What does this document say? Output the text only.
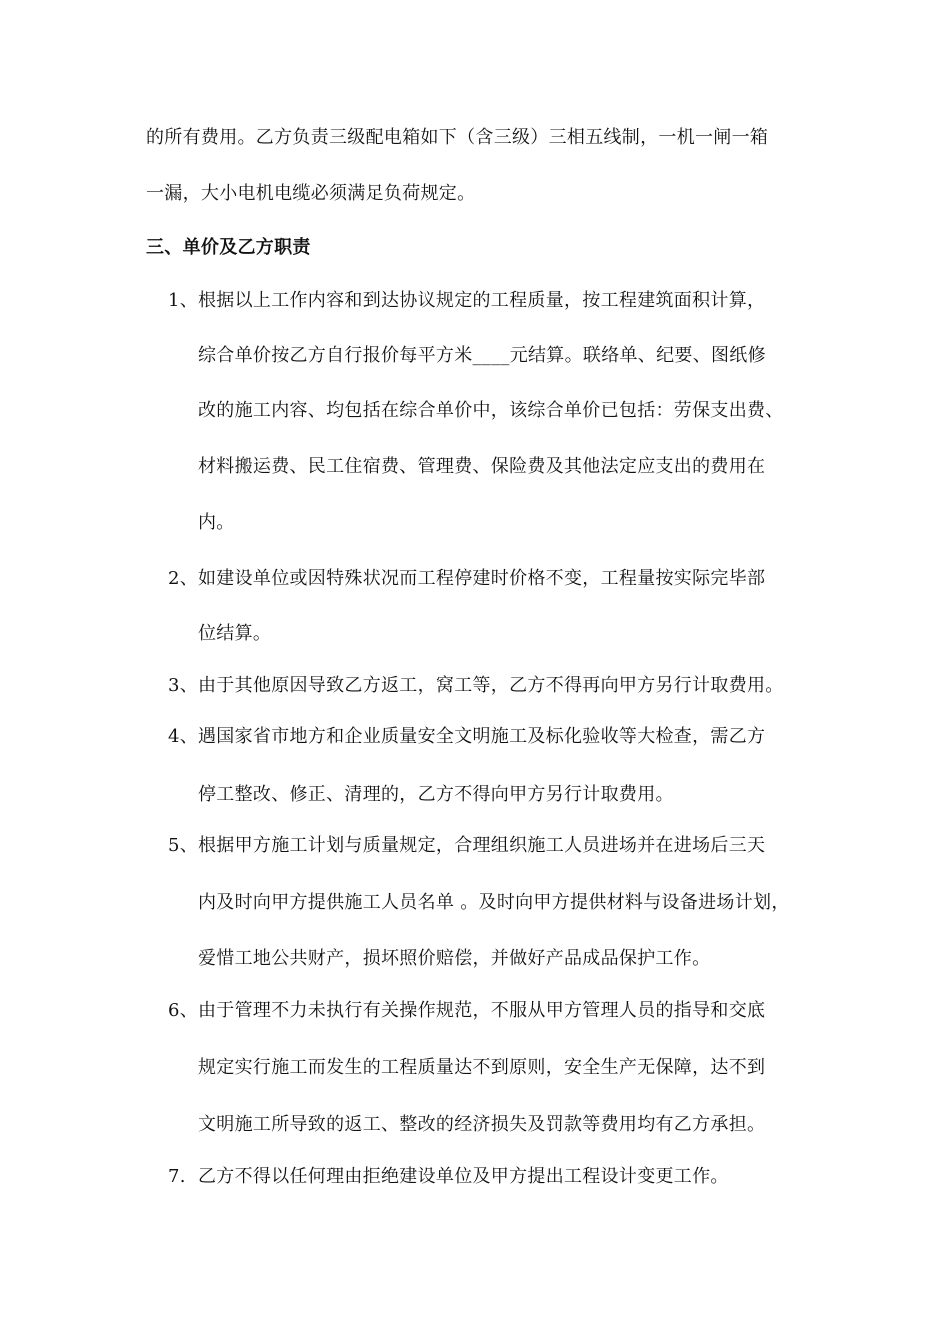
的所有费用。乙方负责三级配电箱如下（含三级）三相五线制，一机一闸一箱
一漏，大小电机电缆必须满足负荷规定。
三、单价及乙方职责
1、根据以上工作内容和到达协议规定的工程质量，按工程建筑面积计算，
综合单价按乙方自行报价每平方米____元结算。联络单、纪要、图纸修
改的施工内容、均包括在综合单价中，该综合单价已包括：劳保支出费、
材料搬运费、民工住宿费、管理费、保险费及其他法定应支出的费用在
内。
2、如建设单位或因特殊状况而工程停建时价格不变，工程量按实际完毕部
位结算。
3、由于其他原因导致乙方返工，窝工等，乙方不得再向甲方另行计取费用。
4、遇国家省市地方和企业质量安全文明施工及标化验收等大检查，需乙方
停工整改、修正、清理的，乙方不得向甲方另行计取费用。
5、根据甲方施工计划与质量规定，合理组织施工人员进场并在进场后三天
内及时向甲方提供施工人员名单 。及时向甲方提供材料与设备进场计划，
爱惜工地公共财产，损坏照价赔偿，并做好产品成品保护工作。
6、由于管理不力未执行有关操作规范，不服从甲方管理人员的指导和交底
规定实行施工而发生的工程质量达不到原则，安全生产无保障，达不到
文明施工所导致的返工、整改的经济损失及罚款等费用均有乙方承担。
7. 乙方不得以任何理由拒绝建设单位及甲方提出工程设计变更工作。
